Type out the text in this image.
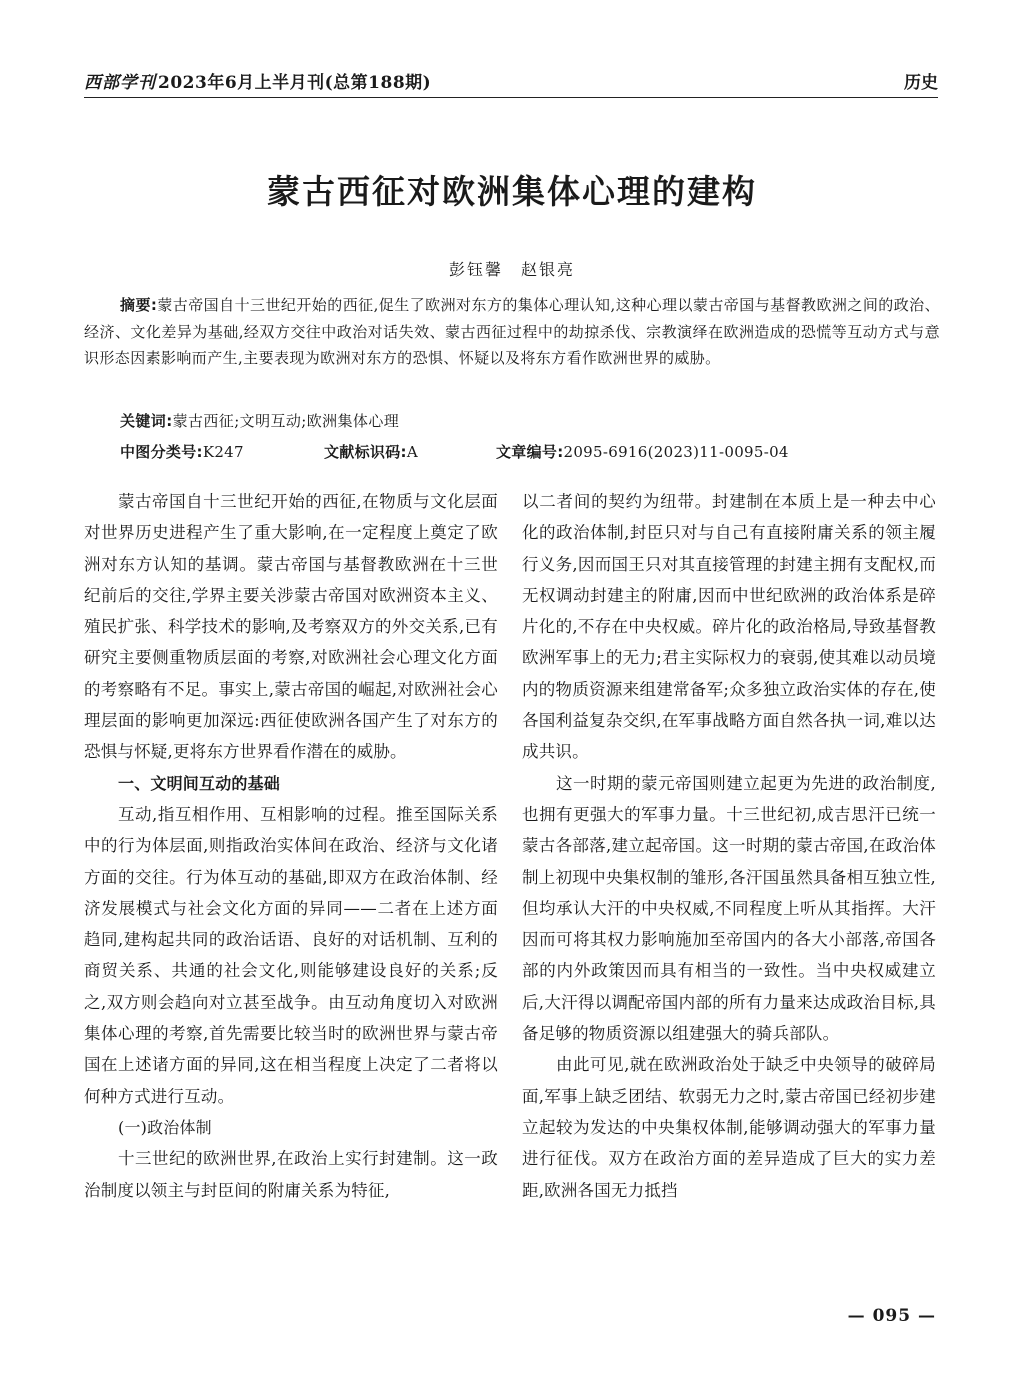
西部学刊 2023年6月上半月刊(总第188期)	历史
蒙古西征对欧洲集体心理的建构
彭钰馨　赵银亮
摘要:蒙古帝国自十三世纪开始的西征,促生了欧洲对东方的集体心理认知,这种心理以蒙古帝国与基督教欧洲之间的政治、经济、文化差异为基础,经双方交往中政治对话失效、蒙古西征过程中的劫掠杀伐、宗教演绎在欧洲造成的恐慌等互动方式与意识形态因素影响而产生,主要表现为欧洲对东方的恐惧、怀疑以及将东方看作欧洲世界的威胁。
关键词:蒙古西征;文明互动;欧洲集体心理
中图分类号:K247	文献标识码:A	文章编号:2095-6916(2023)11-0095-04

蒙古帝国自十三世纪开始的西征,在物质与文化层面对世界历史进程产生了重大影响,在一定程度上奠定了欧洲对东方认知的基调。蒙古帝国与基督教欧洲在十三世纪前后的交往,学界主要关涉蒙古帝国对欧洲资本主义、殖民扩张、科学技术的影响,及考察双方的外交关系,已有研究主要侧重物质层面的考察,对欧洲社会心理文化方面的考察略有不足。事实上,蒙古帝国的崛起,对欧洲社会心理层面的影响更加深远:西征使欧洲各国产生了对东方的恐惧与怀疑,更将东方世界看作潜在的威胁。

一、文明间互动的基础

互动,指互相作用、互相影响的过程。推至国际关系中的行为体层面,则指政治实体间在政治、经济与文化诸方面的交往。行为体互动的基础,即双方在政治体制、经济发展模式与社会文化方面的异同——二者在上述方面趋同,建构起共同的政治话语、良好的对话机制、互利的商贸关系、共通的社会文化,则能够建设良好的关系;反之,双方则会趋向对立甚至战争。由互动角度切入对欧洲集体心理的考察,首先需要比较当时的欧洲世界与蒙古帝国在上述诸方面的异同,这在相当程度上决定了二者将以何种方式进行互动。

(一)政治体制

十三世纪的欧洲世界,在政治上实行封建制。这一政治制度以领主与封臣间的附庸关系为特征,

以二者间的契约为纽带。封建制在本质上是一种去中心化的政治体制,封臣只对与自己有直接附庸关系的领主履行义务,因而国王只对其直接管理的封建主拥有支配权,而无权调动封建主的附庸,因而中世纪欧洲的政治体系是碎片化的,不存在中央权威。碎片化的政治格局,导致基督教欧洲军事上的无力;君主实际权力的衰弱,使其难以动员境内的物质资源来组建常备军;众多独立政治实体的存在,使各国利益复杂交织,在军事战略方面自然各执一词,难以达成共识。

这一时期的蒙元帝国则建立起更为先进的政治制度,也拥有更强大的军事力量。十三世纪初,成吉思汗已统一蒙古各部落,建立起帝国。这一时期的蒙古帝国,在政治体制上初现中央集权制的雏形,各汗国虽然具备相互独立性,但均承认大汗的中央权威,不同程度上听从其指挥。大汗因而可将其权力影响施加至帝国内的各大小部落,帝国各部的内外政策因而具有相当的一致性。当中央权威建立后,大汗得以调配帝国内部的所有力量来达成政治目标,具备足够的物质资源以组建强大的骑兵部队。

由此可见,就在欧洲政治处于缺乏中央领导的破碎局面,军事上缺乏团结、软弱无力之时,蒙古帝国已经初步建立起较为发达的中央集权体制,能够调动强大的军事力量进行征伐。双方在政治方面的差异造成了巨大的实力差距,欧洲各国无力抵挡

— 095 —
